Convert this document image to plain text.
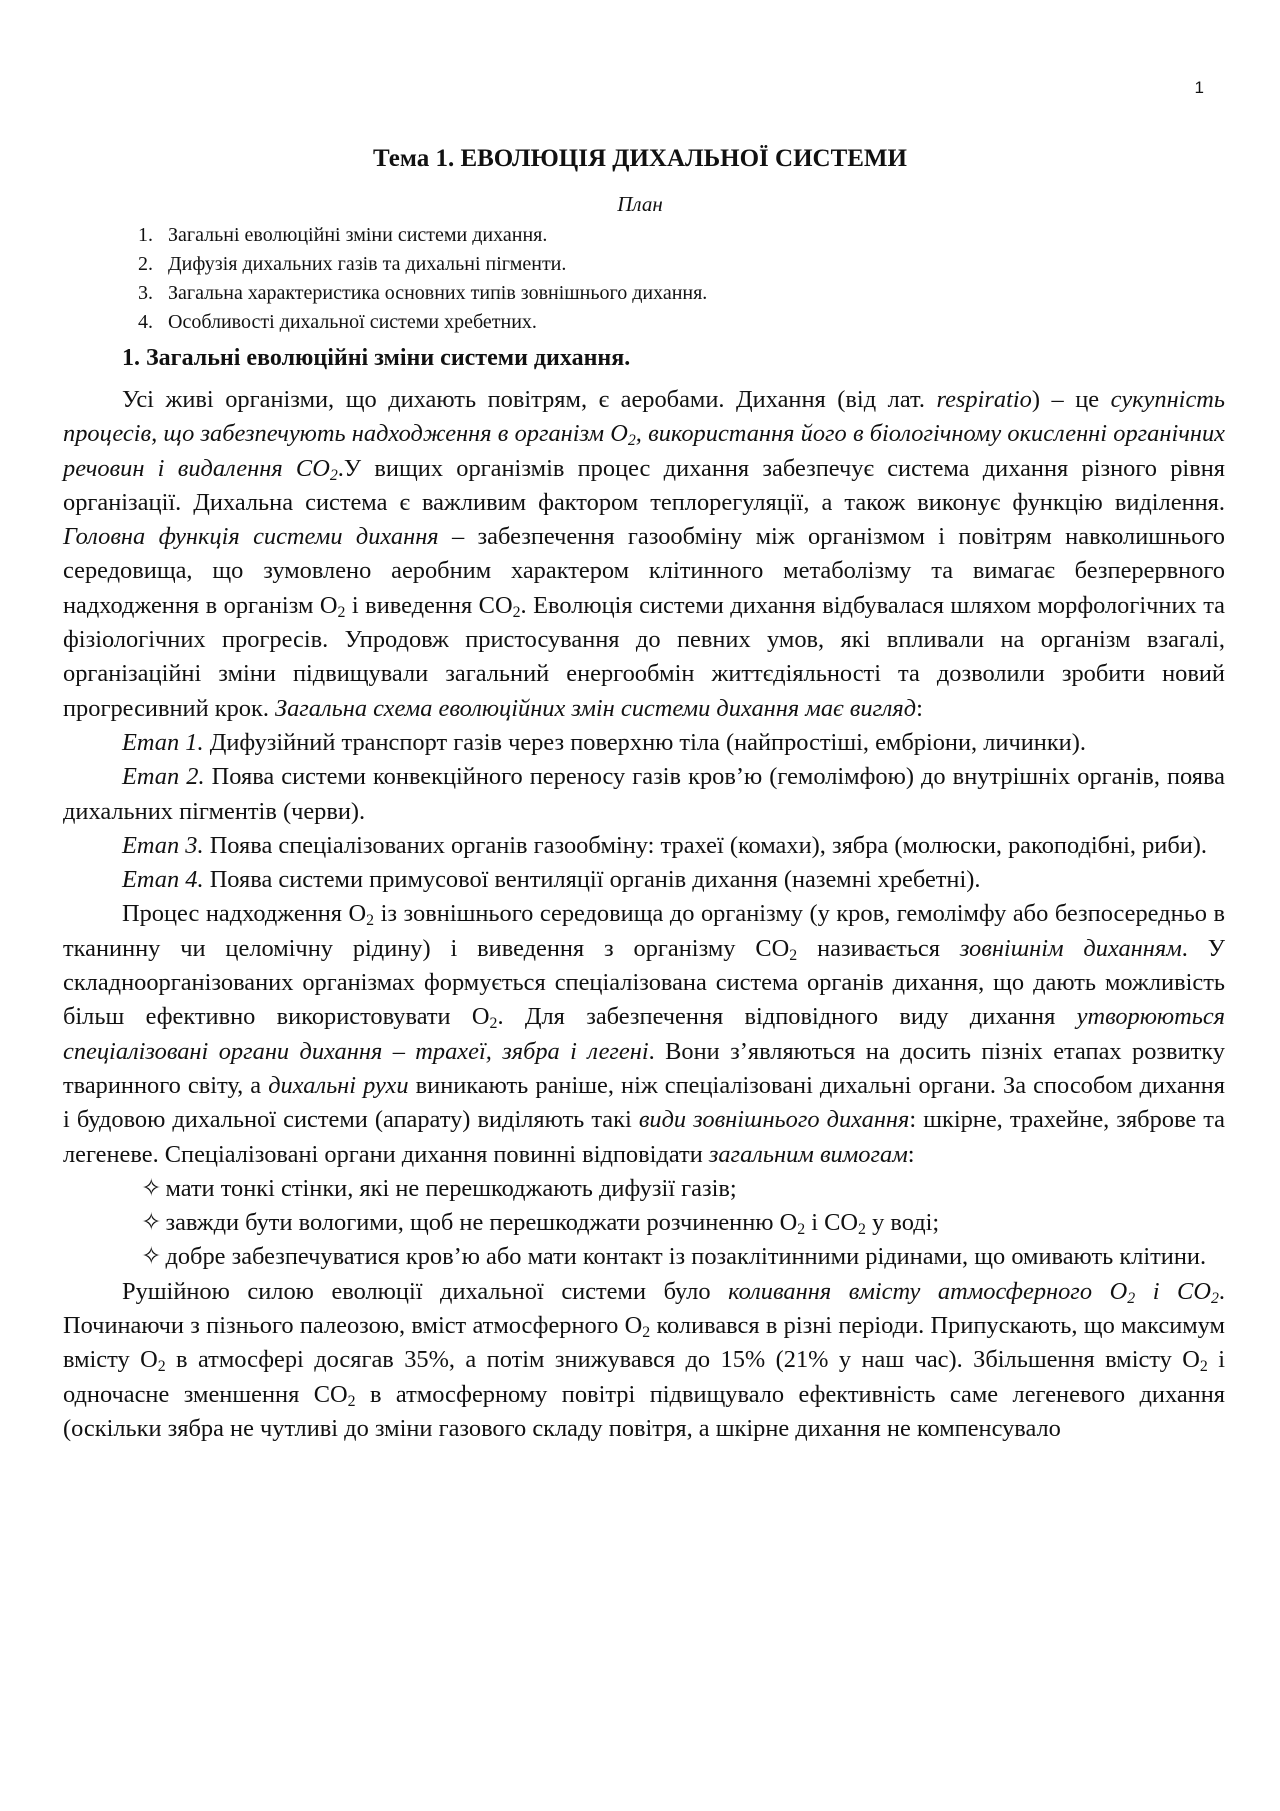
1
Тема 1. ЕВОЛЮЦІЯ ДИХАЛЬНОЇ СИСТЕМИ
План
1. Загальні еволюційні зміни системи дихання.
2. Дифузія дихальних газів та дихальні пігменти.
3. Загальна характеристика основних типів зовнішнього дихання.
4. Особливості дихальної системи хребетних.
1. Загальні еволюційні зміни системи дихання.

Усі живі організми, що дихають повітрям, є аеробами. Дихання (від лат. respiratio) – це сукупність процесів, що забезпечують надходження в організм $О_2$, використання його в біологічному окисленні органічних речовин і видалення $СО_2.У$ вищих організмів процес дихання забезпечує система дихання різного рівня організації. Дихальна система є важливим фактором теплорегуляції, а також виконує функцію виділення. Головна функція системи дихання – забезпечення газообміну між організмом і повітрям навколишнього середовища, що зумовлено аеробним характером клітинного метаболізму та вимагає безперервного надходження в організм $О_2$ і виведення $СО_2$. Еволюція системи дихання відбувалася шляхом морфологічних та фізіологічних прогресів. Упродовж пристосування до певних умов, які впливали на організм взагалі, організаційні зміни підвищували загальний енергообмін життєдіяльності та дозволили зробити новий прогресивний крок. Загальна схема еволюційних змін системи дихання має вигляд:

Етап 1. Дифузійний транспорт газів через поверхню тіла (найпростіші, ембріони, личинки).

Етап 2. Поява системи конвекційного переносу газів кров’ю (гемолімфою) до внутрішніх органів, поява дихальних пігментів (черви).

Етап 3. Поява спеціалізованих органів газообміну: трахеї (комахи), зябра (молюски, ракоподібні, риби).

Етап 4. Поява системи примусової вентиляції органів дихання (наземні хребетні).

Процес надходження $О_2$ із зовнішнього середовища до організму (у кров, гемолімфу або безпосередньо в тканинну чи целомічну рідину) і виведення з організму $СО_2$ називається зовнішнім диханням. У складноорганізованих організмах формується спеціалізована система органів дихання, що дають можливість більш ефективно використовувати $О_2$. Для забезпечення відповідного виду дихання утворюються спеціалізовані органи дихання – трахеї, зябра і легені. Вони з’являються на досить пізніх етапах розвитку тваринного світу, а дихальні рухи виникають раніше, ніж спеціалізовані дихальні органи. За способом дихання і будовою дихальної системи (апарату) виділяють такі види зовнішнього дихання: шкірне, трахейне, зяброве та легеневе. Спеціалізовані органи дихання повинні відповідати загальним вимогам:

✧ мати тонкі стінки, які не перешкоджають дифузії газів;
✧ завжди бути вологими, щоб не перешкоджати розчиненню $О_2$ і $СО_2$ у воді;
✧ добре забезпечуватися кров’ю або мати контакт із позаклітинними рідинами, що омивають клітини.

Рушійною силою еволюції дихальної системи було коливання вмісту атмосферного $О_2$ і $СО_2$. Починаючи з пізнього палеозою, вміст атмосферного $О_2$ коливався в різні періоди. Припускають, що максимум вмісту $О_2$ в атмосфері досягав 35%, а потім знижувався до 15% (21% у наш час). Збільшення вмісту $О_2$ і одночасне зменшення $СО_2$ в атмосферному повітрі підвищувало ефективність саме легеневого дихання (оскільки зябра не чутливі до зміни газового складу повітря, а шкірне дихання не компенсувало
